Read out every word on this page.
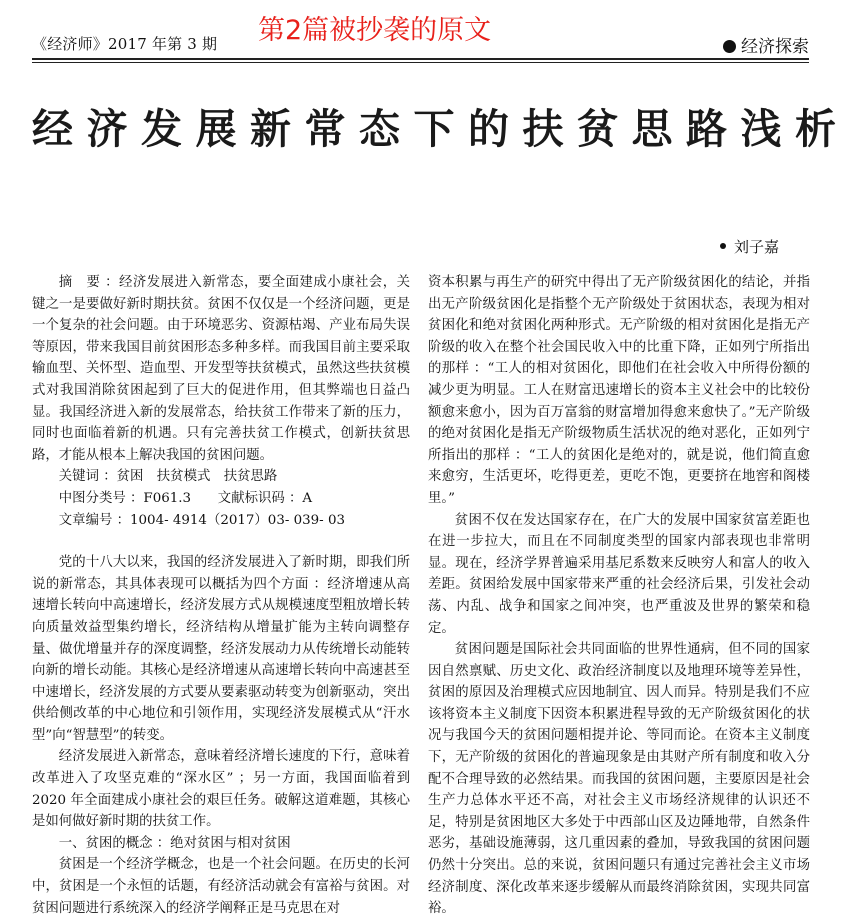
《经济师》2017 年第 3 期 第2篇被抄袭的原文
经济探索
经济发展新常态下的扶贫思路浅析
刘子嘉

摘　要 ：经济发展进入新常态，要全面建成小康社会，关键之一是要做好新时期扶贫。贫困不仅仅是一个经济问题，更是一个复杂的社会问题。由于环境恶劣、资源枯竭、产业布局失误等原因，带来我国目前贫困形态多种多样。而我国目前主要采取输血型、关怀型、造血型、开发型等扶贫模式，虽然这些扶贫模式对我国消除贫困起到了巨大的促进作用，但其弊端也日益凸显。我国经济进入新的发展常态，给扶贫工作带来了新的压力，同时也面临着新的机遇。只有完善扶贫工作模式，创新扶贫思路，才能从根本上解决我国的贫困问题。

关键词 ：贫困　扶贫模式　扶贫思路
中图分类号 ：F061.3　　文献标识码 ：A
文章编号 ：1004- 4914（2017）03- 039- 03

党的十八大以来，我国的经济发展进入了新时期，即我们所说的新常态，其具体表现可以概括为四个方面 ：经济增速从高速增长转向中高速增长，经济发展方式从规模速度型粗放增长转向质量效益型集约增长，经济结构从增量扩能为主转向调整存量、做优增量并存的深度调整，经济发展动力从传统增长动能转向新的增长动能。其核心是经济增速从高速增长转向中高速甚至中速增长，经济发展的方式要从要素驱动转变为创新驱动，突出供给侧改革的中心地位和引领作用，实现经济发展模式从“汗水型”向“智慧型”的转变。

经济发展进入新常态，意味着经济增长速度的下行，意味着改革进入了攻坚克难的“深水区” ；另一方面，我国面临着到 2020 年全面建成小康社会的艰巨任务。破解这道难题，其核心是如何做好新时期的扶贫工作。

一、贫困的概念 ：绝对贫困与相对贫困

贫困是一个经济学概念，也是一个社会问题。在历史的长河中，贫困是一个永恒的话题，有经济活动就会有富裕与贫困。对贫困问题进行系统深入的经济学阐释正是马克思在对

资本积累与再生产的研究中得出了无产阶级贫困化的结论，并指出无产阶级贫困化是指整个无产阶级处于贫困状态，表现为相对贫困化和绝对贫困化两种形式。无产阶级的相对贫困化是指无产阶级的收入在整个社会国民收入中的比重下降，正如列宁所指出的那样 ：“工人的相对贫困化，即他们在社会收入中所得份额的减少更为明显。工人在财富迅速增长的资本主义社会中的比较份额愈来愈小，因为百万富翁的财富增加得愈来愈快了。”无产阶级的绝对贫困化是指无产阶级物质生活状况的绝对恶化，正如列宁所指出的那样 ：“工人的贫困化是绝对的，就是说，他们简直愈来愈穷，生活更坏，吃得更差，更吃不饱，更要挤在地窖和阁楼里。”

贫困不仅在发达国家存在，在广大的发展中国家贫富差距也在进一步拉大，而且在不同制度类型的国家内部表现也非常明显。现在，经济学界普遍采用基尼系数来反映穷人和富人的收入差距。贫困给发展中国家带来严重的社会经济后果，引发社会动荡、内乱、战争和国家之间冲突，也严重波及世界的繁荣和稳定。

贫困问题是国际社会共同面临的世界性通病，但不同的国家因自然禀赋、历史文化、政治经济制度以及地理环境等差异性，贫困的原因及治理模式应因地制宜、因人而异。特别是我们不应该将资本主义制度下因资本积累进程导致的无产阶级贫困化的状况与我国今天的贫困问题相提并论、等同而论。在资本主义制度下，无产阶级的贫困化的普遍现象是由其财产所有制度和收入分配不合理导致的必然结果。而我国的贫困问题，主要原因是社会生产力总体水平还不高，对社会主义市场经济规律的认识还不足，特别是贫困地区大多处于中西部山区及边陲地带，自然条件恶劣，基础设施薄弱，这几重因素的叠加，导致我国的贫困问题仍然十分突出。总的来说，贫困问题只有通过完善社会主义市场经济制度、深化改革来逐步缓解从而最终消除贫困，实现共同富裕。
